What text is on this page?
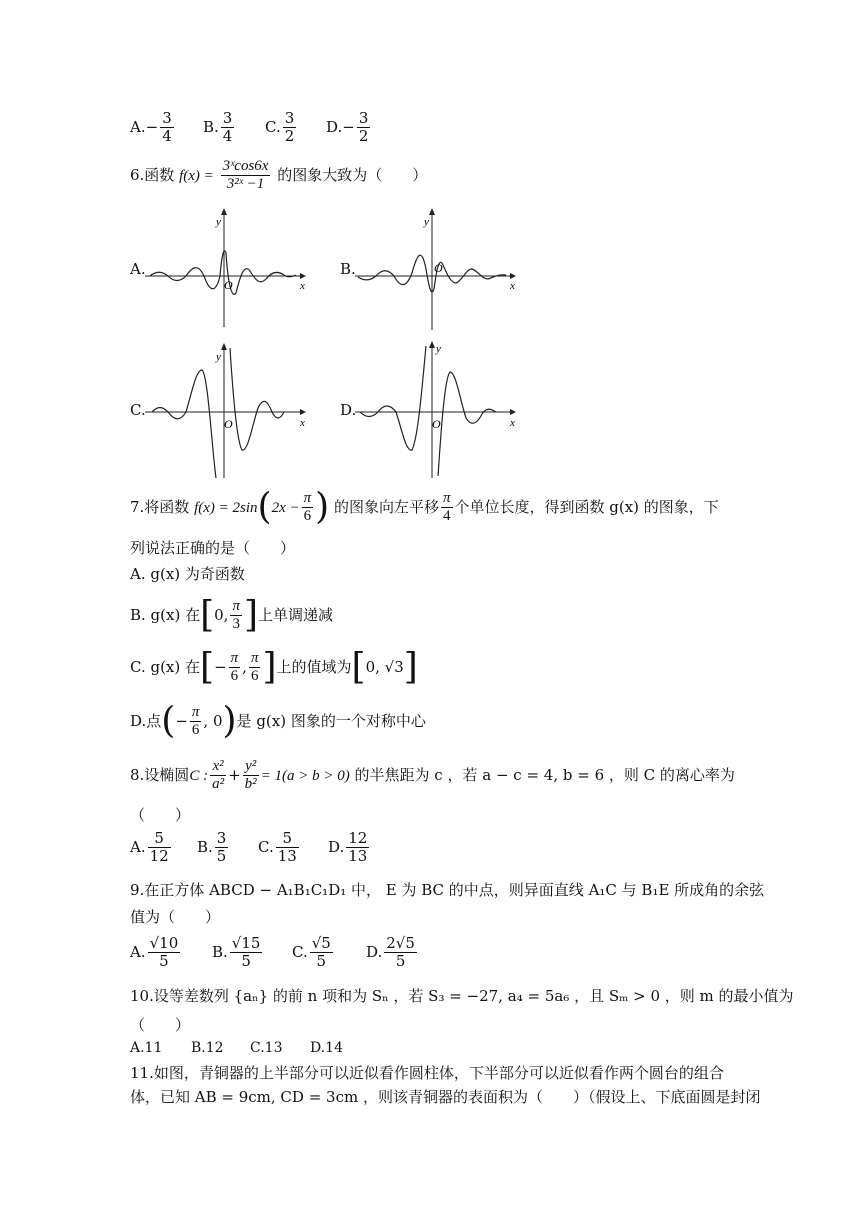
$A.- \frac{3}{4} B$. $\frac{3}{4} C$. $\frac{3}{2} D.- \frac{3}{2}$
6.函数 $f(x) = \frac{\text{3ˣcos6x}}{\text{3²ˣ −1}}$ 的图象大致为（　　）
A.
y
x
O
B.
y
x
O
C.
y
x
O
D.
y
x
O
7.将函数 $f(x) = 2\sin(2x - \frac{\pi}{6}$ ) 的图象向左平移 $\frac{\pi}{4}$ 个单位长度，得到函数 g(x) 的图象，下
列说法正确的是（　　）
A. g(x) 为奇函数
B. g(x) 在[0, $\frac{\pi}{3}$ ]上单调递减
C. g(x) 在[− $\frac{\pi}{6}$ , $\frac{\pi}{6}$ ]上的值域为[0, √3]
D.点(− $\frac{\pi}{6}$ , 0)是 g(x) 图象的一个对称中心
8.设椭圆C : $\frac{\text{x²}}{\text{a²}} + \frac{\text{y²}}{\text{b²}} = 1(a > b > 0)$ 的半焦距为 c ，若 a − c = 4, b = 6 ，则 C 的离心率为
（　　）
A. $\frac{5}{12} B$. $\frac{3}{5} C$. $\frac{5}{13} D$. $\frac{12}{13}$
9.在正方体 ABCD − A₁B₁C₁D₁ 中， E 为 BC 的中点，则异面直线 A₁C 与 B₁E 所成角的余弦
值为（　　）
A. $\frac{√10}{5} B$. $\frac{√15}{5} C$. $\frac{√5}{5} D$. $\frac{2√5}{5}$
10.设等差数列 {aₙ} 的前 n 项和为 Sₙ ，若 S₃ = −27, a₄ = 5a₆ ，且 Sₘ > 0 ，则 m 的最小值为
（　　）
A.11 B.12 C.13 D.14
11.如图，青铜器的上半部分可以近似看作圆柱体，下半部分可以近似看作两个圆台的组合
体，已知 AB = 9cm, CD = 3cm ，则该青铜器的表面积为（　　）（假设上、下底面圆是封闭
